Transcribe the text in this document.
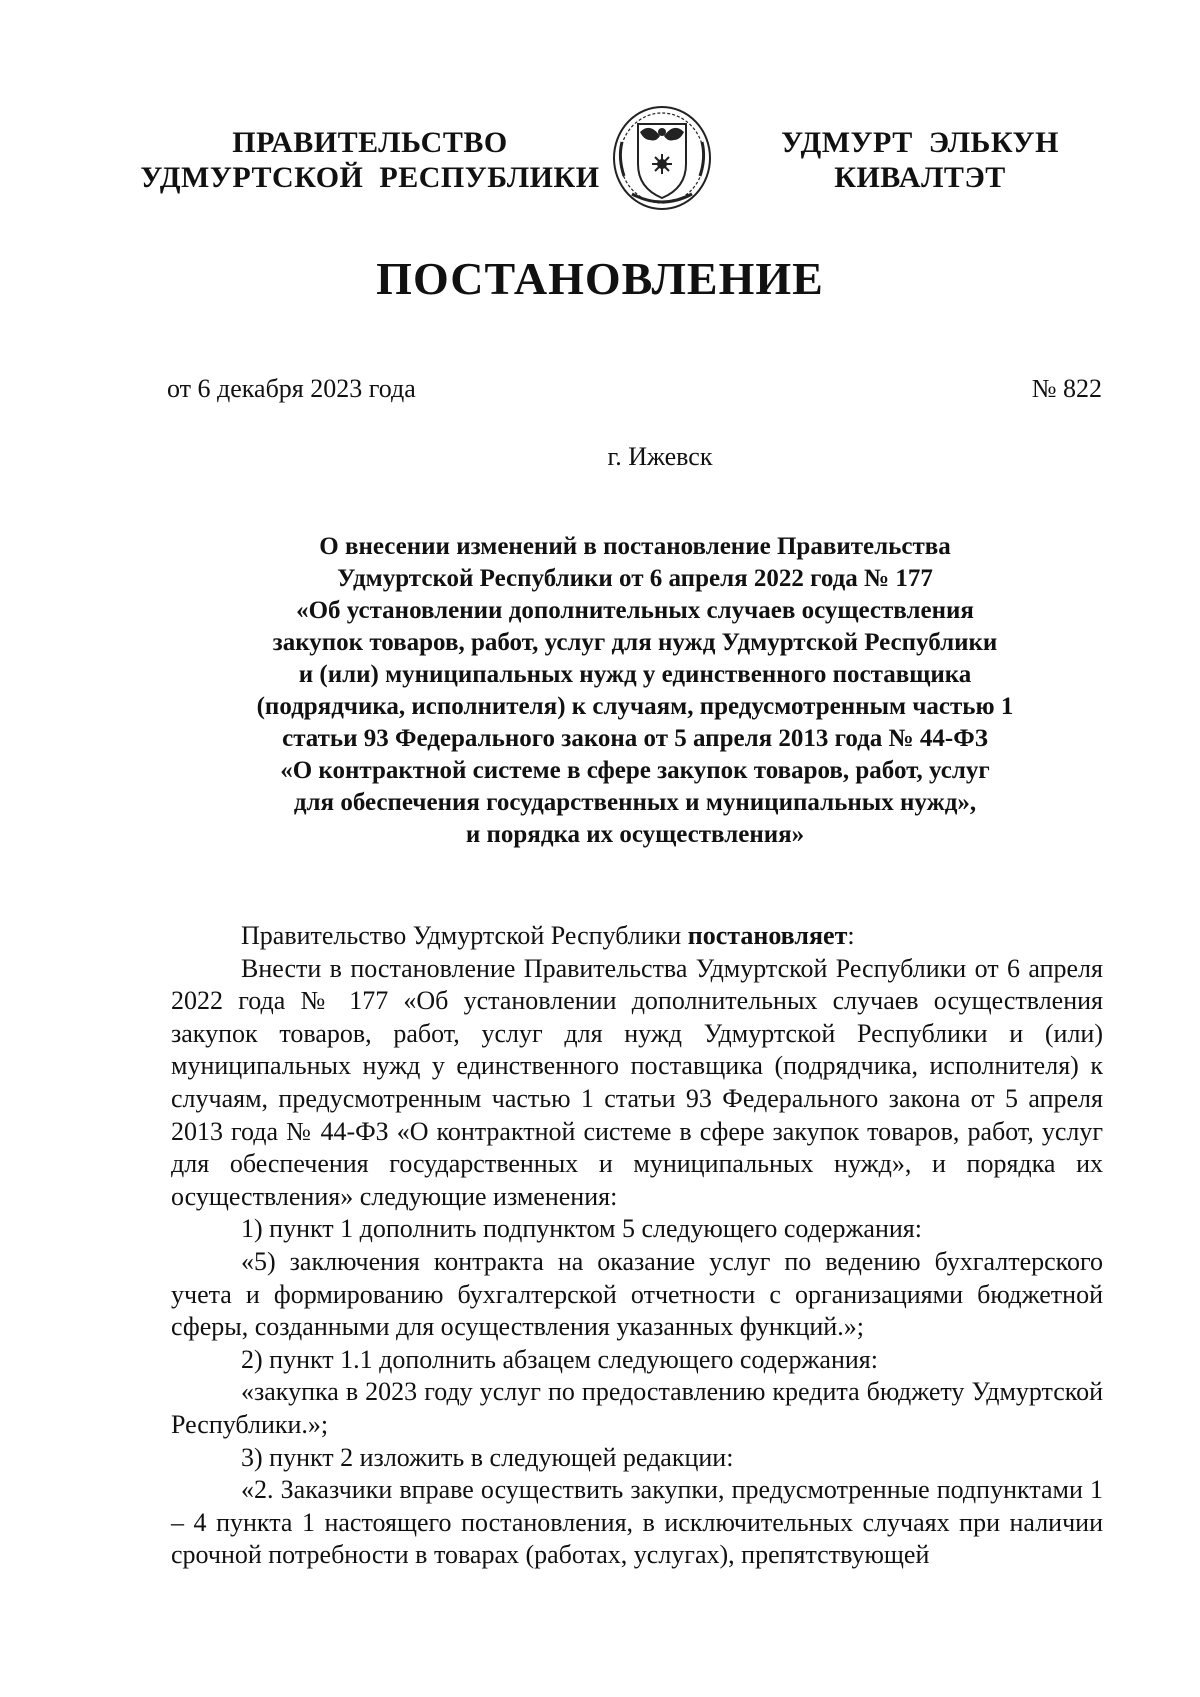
ПРАВИТЕЛЬСТВО
УДМУРТСКОЙ  РЕСПУБЛИКИ
УДМУРТ  ЭЛЬКУН
КИВАЛТЭТ
ПОСТАНОВЛЕНИЕ
от 6 декабря 2023 года	№ 822
г. Ижевск
О внесении изменений в постановление Правительства
Удмуртской Республики от 6 апреля 2022 года № 177
«Об установлении дополнительных случаев осуществления
закупок товаров, работ, услуг для нужд Удмуртской Республики
и (или) муниципальных нужд у единственного поставщика
(подрядчика, исполнителя) к случаям, предусмотренным частью 1
статьи 93 Федерального закона от 5 апреля 2013 года № 44-ФЗ
«О контрактной системе в сфере закупок товаров, работ, услуг
для обеспечения государственных и муниципальных нужд»,
и порядка их осуществления»

Правительство Удмуртской Республики постановляет:

Внести в постановление Правительства Удмуртской Республики от 6 апреля 2022 года № 177 «Об установлении дополнительных случаев осуществления закупок товаров, работ, услуг для нужд Удмуртской Республики и (или) муниципальных нужд у единственного поставщика (подрядчика, исполнителя) к случаям, предусмотренным частью 1 статьи 93 Федерального закона от 5 апреля 2013 года № 44-ФЗ «О контрактной системе в сфере закупок товаров, работ, услуг для обеспечения государственных и муниципальных нужд», и порядка их осуществления» следующие изменения:

1) пункт 1 дополнить подпунктом 5 следующего содержания:

«5) заключения контракта на оказание услуг по ведению бухгалтерского учета и формированию бухгалтерской отчетности с организациями бюджетной сферы, созданными для осуществления указанных функций.»;

2) пункт 1.1 дополнить абзацем следующего содержания:

«закупка в 2023 году услуг по предоставлению кредита бюджету Удмуртской Республики.»;

3) пункт 2 изложить в следующей редакции:

«2. Заказчики вправе осуществить закупки, предусмотренные подпунктами 1 – 4 пункта 1 настоящего постановления, в исключительных случаях при наличии срочной потребности в товарах (работах, услугах), препятствующей
